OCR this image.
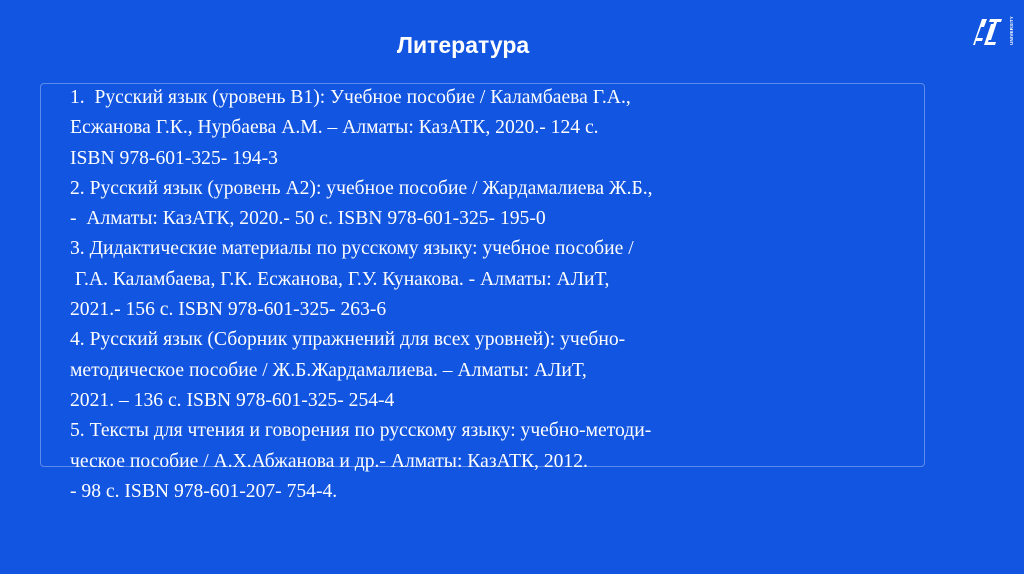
Литература	UNIVERSITY
1.  Русский язык (уровень В1): Учебное пособие / Каламбаева Г.А.,
Есжанова Г.К., Нурбаева А.М. – Алматы: КазАТК, 2020.- 124 с.
ISBN 978-601-325- 194-3
2. Русский язык (уровень А2): учебное пособие / Жардамалиева Ж.Б.,
-  Алматы: КазАТК, 2020.- 50 с. ISBN 978-601-325- 195-0
3. Дидактические материалы по русскому языку: учебное пособие /
Г.А. Каламбаева, Г.К. Есжанова, Г.У. Кунакова. - Алматы: АЛиТ,
2021.- 156 с. ISBN 978-601-325- 263-6
4. Русский язык (Сборник упражнений для всех уровней): учебно-
методическое пособие / Ж.Б.Жардамалиева. – Алматы: АЛиТ,
2021. – 136 с. ISBN 978-601-325- 254-4
5. Тексты для чтения и говорения по русскому языку: учебно-методи-
ческое пособие / А.Х.Абжанова и др.- Алматы: КазАТК, 2012.
- 98 с. ISBN 978-601-207- 754-4.
